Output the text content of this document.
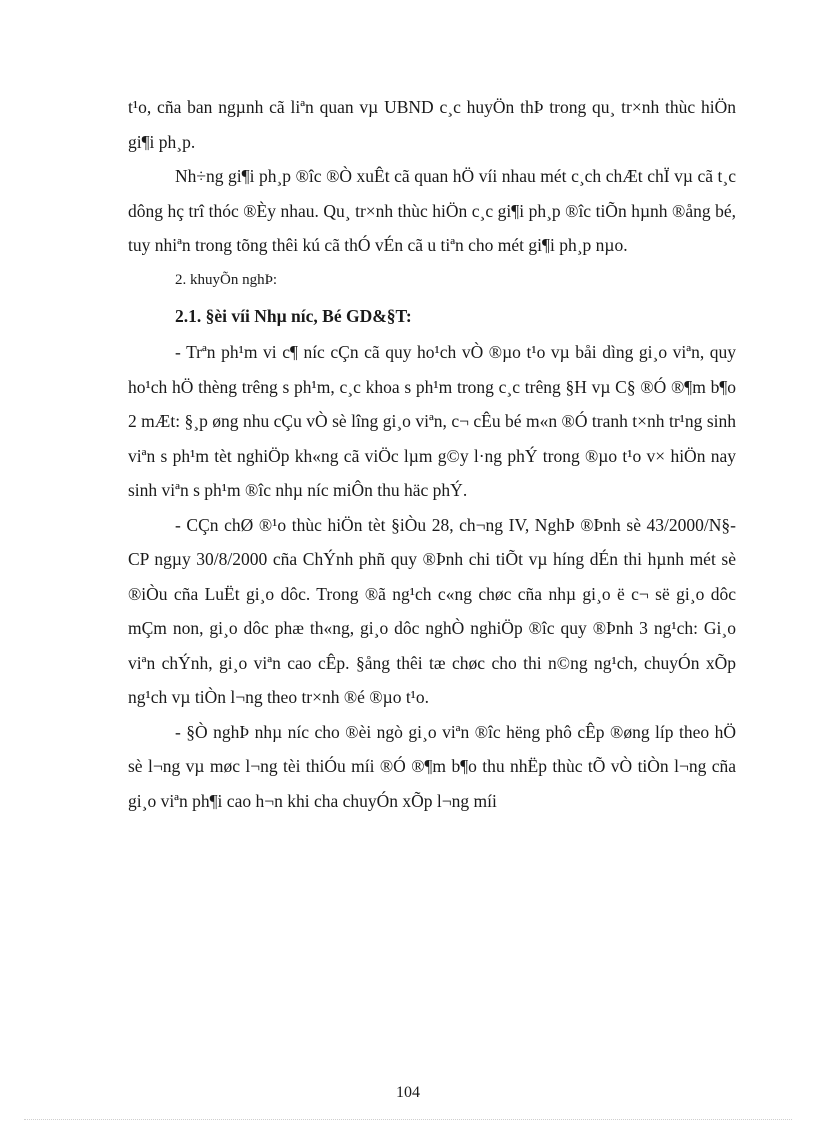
t¹o, cña ban ngµnh cã liªn quan vµ UBND c¸c huyÖn thÞ trong qu¸ tr×nh thùc hiÖn gi¶i ph¸p.

Nh÷ng gi¶i ph¸p ®îc ®Ò xuÊt cã quan hÖ víi nhau mét c¸ch chÆt chÏ vµ cã t¸c dông hç trî thóc ®Èy nhau. Qu¸ tr×nh thùc hiÖn c¸c gi¶i ph¸p ®îc tiÕn hµnh ®ång bé, tuy nhiªn trong tõng thêi kú cã thÓ vÉn cã u tiªn cho mét gi¶i ph¸p nµo.

2. khuyÕn nghÞ:

2.1. §èi víi Nhµ níc, Bé GD&§T:

- Trªn ph¹m vi c¶ níc cÇn cã quy ho¹ch vÒ ®µo t¹o vµ båi dìng gi¸o viªn, quy ho¹ch hÖ thèng trêng s ph¹m, c¸c khoa s ph¹m trong c¸c trêng §H vµ C§ ®Ó ®¶m b¶o 2 mÆt: §¸p øng nhu cÇu vÒ sè lîng gi¸o viªn, c¬ cÊu bé m«n ®Ó tranh t×nh tr¹ng sinh viªn s ph¹m tèt nghiÖp kh«ng cã viÖc lµm g©y l·ng phÝ trong ®µo t¹o v× hiÖn nay sinh viªn s ph¹m ®îc nhµ níc miÔn thu häc phÝ.

- CÇn chØ ®¹o thùc hiÖn tèt §iÒu 28, ch¬ng IV, NghÞ ®Þnh sè 43/2000/N§-CP ngµy 30/8/2000 cña ChÝnh phñ quy ®Þnh chi tiÕt vµ híng dÉn thi hµnh mét sè ®iÒu cña LuËt gi¸o dôc. Trong ®ã ng¹ch c«ng chøc cña nhµ gi¸o ë c¬ së gi¸o dôc mÇm non, gi¸o dôc phæ th«ng, gi¸o dôc nghÒ nghiÖp ®îc quy ®Þnh 3 ng¹ch: Gi¸o viªn chÝnh, gi¸o viªn cao cÊp. §ång thêi tæ chøc cho thi n©ng ng¹ch, chuyÓn xÕp ng¹ch vµ tiÒn l¬ng theo tr×nh ®é ®µo t¹o.

- §Ò nghÞ nhµ níc cho ®èi ngò gi¸o viªn ®îc hëng phô cÊp ®øng líp theo hÖ sè l¬ng vµ møc l¬ng tèi thiÓu míi ®Ó ®¶m b¶o thu nhËp thùc tÕ vÒ tiÒn l¬ng cña gi¸o viªn ph¶i cao h¬n khi cha chuyÓn xÕp l¬ng míi

104
